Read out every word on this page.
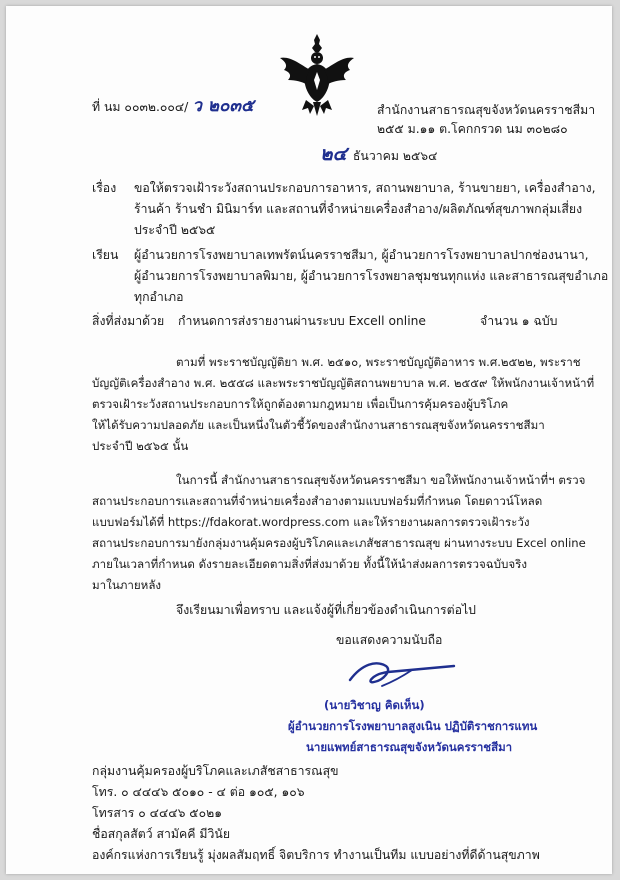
ที่ นม ๐๐๓๒.๐๐๔/ ว ๒๐๓๕	สำนักงานสาธารณสุขจังหวัดนครราชสีมา
๒๕๕ ม.๑๑ ต.โคกกรวด นม ๓๐๒๘๐
๒๔ ธันวาคม ๒๕๖๔
เรื่อง ขอให้ตรวจเฝ้าระวังสถานประกอบการอาหาร, สถานพยาบาล, ร้านขายยา, เครื่องสำอาง,
ร้านค้า ร้านชำ มินิมาร์ท และสถานที่จำหน่ายเครื่องสำอาง/ผลิตภัณฑ์สุขภาพกลุ่มเสี่ยง
ประจำปี ๒๕๖๕
เรียน ผู้อำนวยการโรงพยาบาลเทพรัตน์นครราชสีมา, ผู้อำนวยการโรงพยาบาลปากช่องนานา,
ผู้อำนวยการโรงพยาบาลพิมาย, ผู้อำนวยการโรงพยาลชุมชนทุกแห่ง และสาธารณสุขอำเภอ
ทุกอำเภอ
สิ่งที่ส่งมาด้วย กำหนดการส่งรายงานผ่านระบบ Excell online	จำนวน ๑ ฉบับ
ตามที่ พระราชบัญญัติยา พ.ศ. ๒๕๑๐, พระราชบัญญัติอาหาร พ.ศ.๒๕๒๒, พระราช
บัญญัติเครื่องสำอาง พ.ศ. ๒๕๕๘ และพระราชบัญญัติสถานพยาบาล พ.ศ. ๒๕๕๙ ให้พนักงานเจ้าหน้าที่
ตรวจเฝ้าระวังสถานประกอบการให้ถูกต้องตามกฎหมาย เพื่อเป็นการคุ้มครองผู้บริโภค
ให้ได้รับความปลอดภัย และเป็นหนึ่งในตัวชี้วัดของสำนักงานสาธารณสุขจังหวัดนครราชสีมา
ประจำปี ๒๕๖๕ นั้น
ในการนี้ สำนักงานสาธารณสุขจังหวัดนครราชสีมา ขอให้พนักงานเจ้าหน้าที่ฯ ตรวจ
สถานประกอบการและสถานที่จำหน่ายเครื่องสำอางตามแบบฟอร์มที่กำหนด โดยดาวน์โหลด
แบบฟอร์มได้ที่ https://fdakorat.wordpress.com และให้รายงานผลการตรวจเฝ้าระวัง
สถานประกอบการมายังกลุ่มงานคุ้มครองผู้บริโภคและเภสัชสาธารณสุข ผ่านทางระบบ Excel online
ภายในเวลาที่กำหนด ดังรายละเอียดตามสิ่งที่ส่งมาด้วย ทั้งนี้ให้นำส่งผลการตรวจฉบับจริง
มาในภายหลัง
จึงเรียนมาเพื่อทราบ และแจ้งผู้ที่เกี่ยวข้องดำเนินการต่อไป
ขอแสดงความนับถือ
(นายวิชาญ คิดเห็น)
ผู้อำนวยการโรงพยาบาลสูงเนิน ปฏิบัติราชการแทน
นายแพทย์สาธารณสุขจังหวัดนครราชสีมา
กลุ่มงานคุ้มครองผู้บริโภคและเภสัชสาธารณสุข
โทร. ๐ ๔๔๔๖ ๕๐๑๐ - ๔ ต่อ ๑๐๕, ๑๐๖
โทรสาร ๐ ๔๔๔๖ ๕๐๒๑
ชื่อสกุลสัตว์ สามัคคี มีวินัย
องค์กรแห่งการเรียนรู้ มุ่งผลสัมฤทธิ์ จิตบริการ ทำงานเป็นทีม แบบอย่างที่ดีด้านสุขภาพ
